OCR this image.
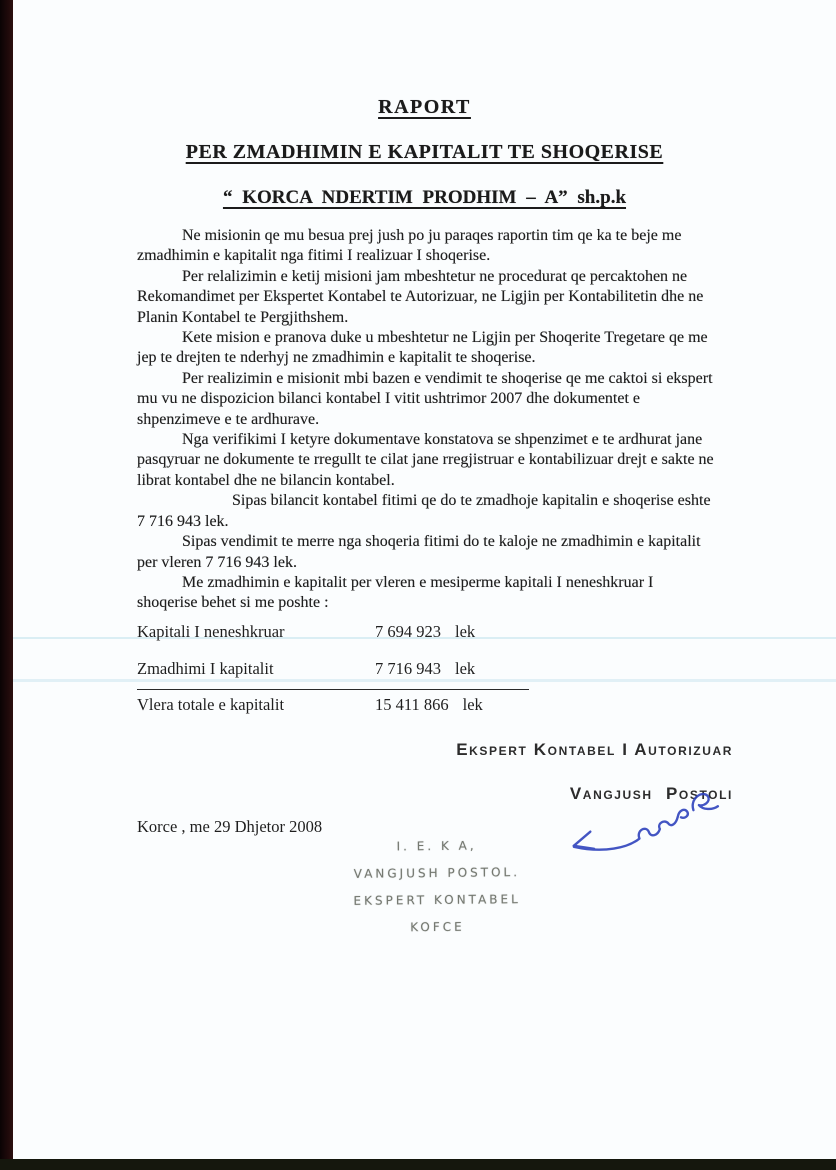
RAPORT
PER ZMADHIMIN E KAPITALIT TE SHOQERISE
“ KORCA NDERTIM PRODHIM – A” sh.p.k

Ne misionin qe mu besua prej jush po ju paraqes raportin tim qe ka te beje me zmadhimin e kapitalit nga fitimi I realizuar I shoqerise.

Per relalizimin e ketij misioni jam mbeshtetur ne procedurat qe percaktohen ne Rekomandimet per Ekspertet Kontabel te Autorizuar, ne Ligjin per Kontabilitetin dhe ne Planin Kontabel te Pergjithshem.

Kete mision e pranova duke u mbeshtetur ne Ligjin per Shoqerite Tregetare qe me jep te drejten te nderhyj ne zmadhimin e kapitalit te shoqerise.

Per realizimin e misionit mbi bazen e vendimit te shoqerise qe me caktoi si ekspert mu vu ne dispozicion bilanci kontabel I vitit ushtrimor 2007 dhe dokumentet e shpenzimeve e te ardhurave.

Nga verifikimi I ketyre dokumentave konstatova se shpenzimet e te ardhurat jane pasqyruar ne dokumente te rregullt te cilat jane rregjistruar e kontabilizuar drejt e sakte ne librat kontabel dhe ne bilancin kontabel.

Sipas bilancit kontabel fitimi qe do te zmadhoje kapitalin e shoqerise eshte 7 716 943 lek.

Sipas vendimit te merre nga shoqeria fitimi do te kaloje ne zmadhimin e kapitalit per vleren 7 716 943 lek.

Me zmadhimin e kapitalit per vleren e mesiperme kapitali I neneshkruar I shoqerise behet si me poshte :

Kapitali I neneshkruar	7 694 923 lek
Zmadhimi I kapitalit	7 716 943 lek
Vlera totale e kapitalit	15 411 866 lek
Ekspert Kontabel I Autorizuar
Vangjush Postoli
Korce , me 29 Dhjetor 2008
I. E. K A,
VANGJUSH POSTOL.
EKSPERT KONTABEL
KOFCE
